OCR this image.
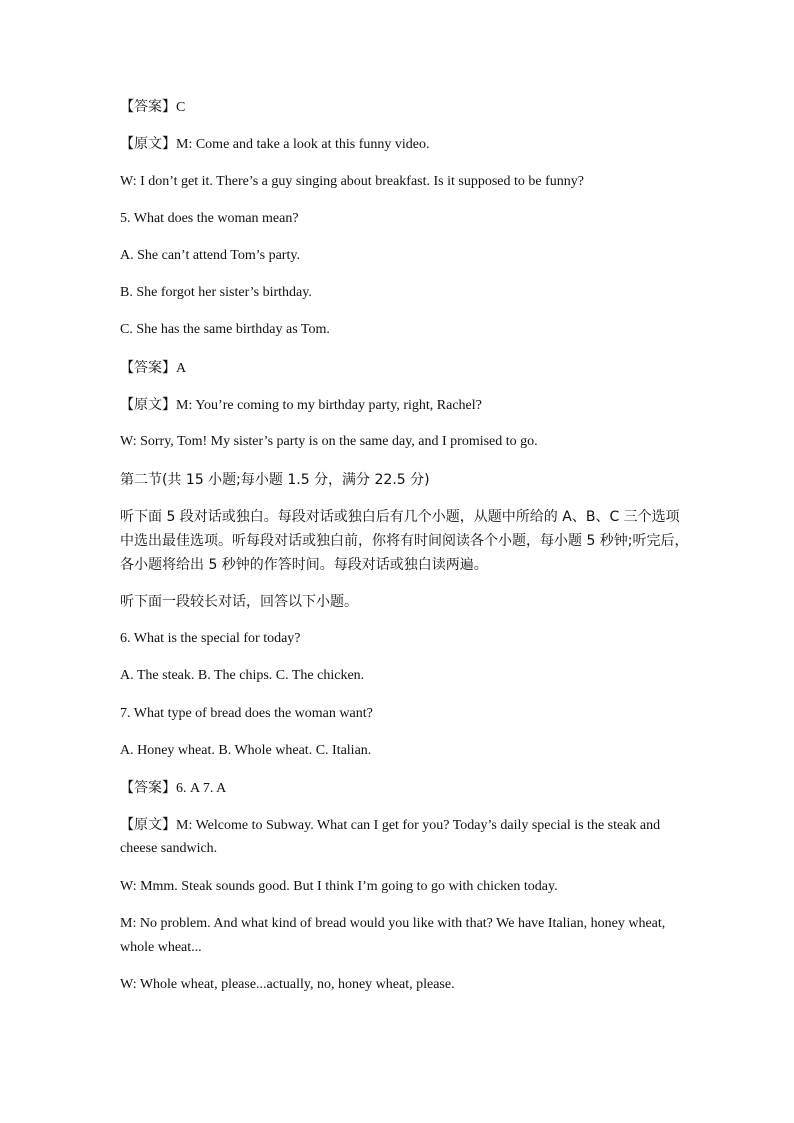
【答案】C

【原文】M: Come and take a look at this funny video.

W: I don’t get it. There’s a guy singing about breakfast. Is it supposed to be funny?

5. What does the woman mean?

A. She can’t attend Tom’s party.

B. She forgot her sister’s birthday.

C. She has the same birthday as Tom.

【答案】A

【原文】M: You’re coming to my birthday party, right, Rachel?

W: Sorry, Tom! My sister’s party is on the same day, and I promised to go.

第二节(共 15 小题;每小题 1.5 分，满分 22.5 分)

听下面 5 段对话或独白。每段对话或独白后有几个小题，从题中所给的 A、B、C 三个选项

中选出最佳选项。听每段对话或独白前，你将有时间阅读各个小题，每小题 5 秒钟;听完后，

各小题将给出 5 秒钟的作答时间。每段对话或独白读两遍。

听下面一段较长对话，回答以下小题。

6. What is the special for today?

A. The steak. B. The chips. C. The chicken.

7. What type of bread does the woman want?

A. Honey wheat. B. Whole wheat. C. Italian.

【答案】6. A 7. A

【原文】M: Welcome to Subway. What can I get for you? Today’s daily special is the steak and

cheese sandwich.

W: Mmm. Steak sounds good. But I think I’m going to go with chicken today.

M: No problem. And what kind of bread would you like with that? We have Italian, honey wheat,

whole wheat...

W: Whole wheat, please...actually, no, honey wheat, please.
